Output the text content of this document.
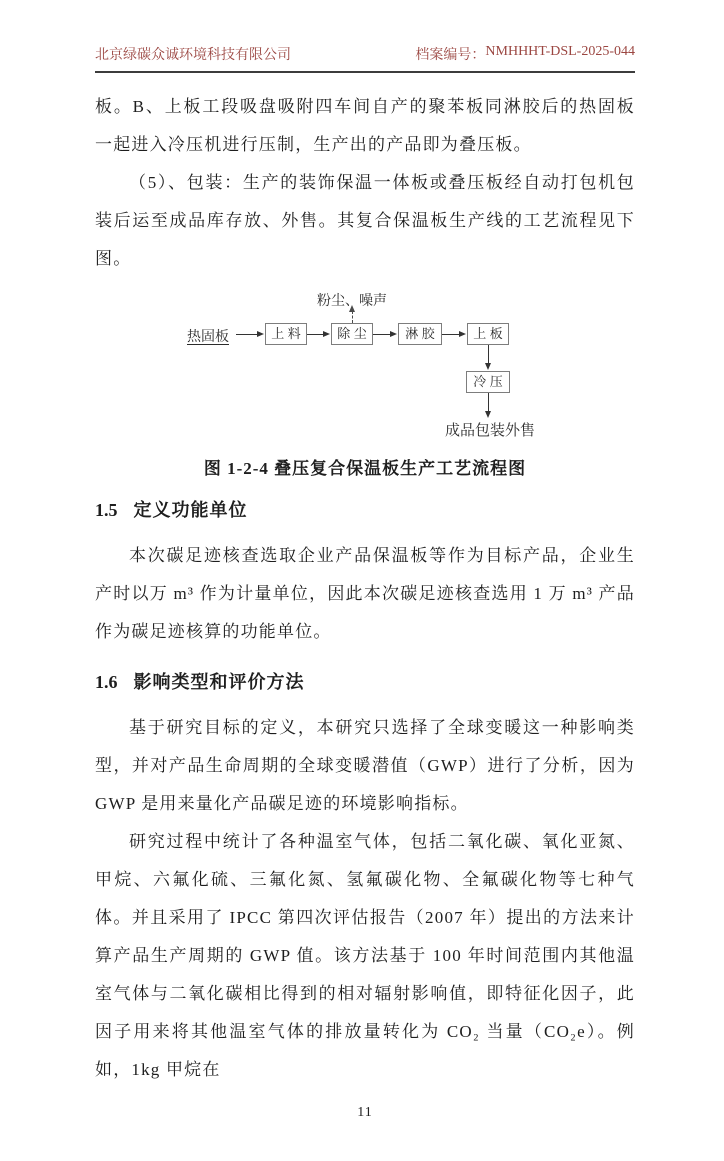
北京绿碳众诚环境科技有限公司	档案编号： NMHHHT-DSL-2025-044

板。B、上板工段吸盘吸附四车间自产的聚苯板同淋胶后的热固板一起进入冷压机进行压制，生产出的产品即为叠压板。

（5）、包装：生产的装饰保温一体板或叠压板经自动打包机包装后运至成品库存放、外售。其复合保温板生产线的工艺流程见下图。

粉尘、噪声
热固板	上 料	除 尘	淋 胶	上 板
冷 压
成品包装外售
图 1-2-4 叠压复合保温板生产工艺流程图
1.5 定义功能单位

本次碳足迹核查选取企业产品保温板等作为目标产品，企业生产时以万 m³ 作为计量单位，因此本次碳足迹核查选用 1 万 m³ 产品作为碳足迹核算的功能单位。

1.6 影响类型和评价方法

基于研究目标的定义，本研究只选择了全球变暖这一种影响类型，并对产品生命周期的全球变暖潜值（GWP）进行了分析，因为 GWP 是用来量化产品碳足迹的环境影响指标。

研究过程中统计了各种温室气体，包括二氧化碳、氧化亚氮、甲烷、六氟化硫、三氟化氮、氢氟碳化物、全氟碳化物等七种气体。并且采用了 IPCC 第四次评估报告（2007 年）提出的方法来计算产品生产周期的 GWP 值。该方法基于 100 年时间范围内其他温室气体与二氧化碳相比得到的相对辐射影响值，即特征化因子，此因子用来将其他温室气体的排放量转化为 CO₂ 当量（CO₂e）。例如，1kg 甲烷在

11
